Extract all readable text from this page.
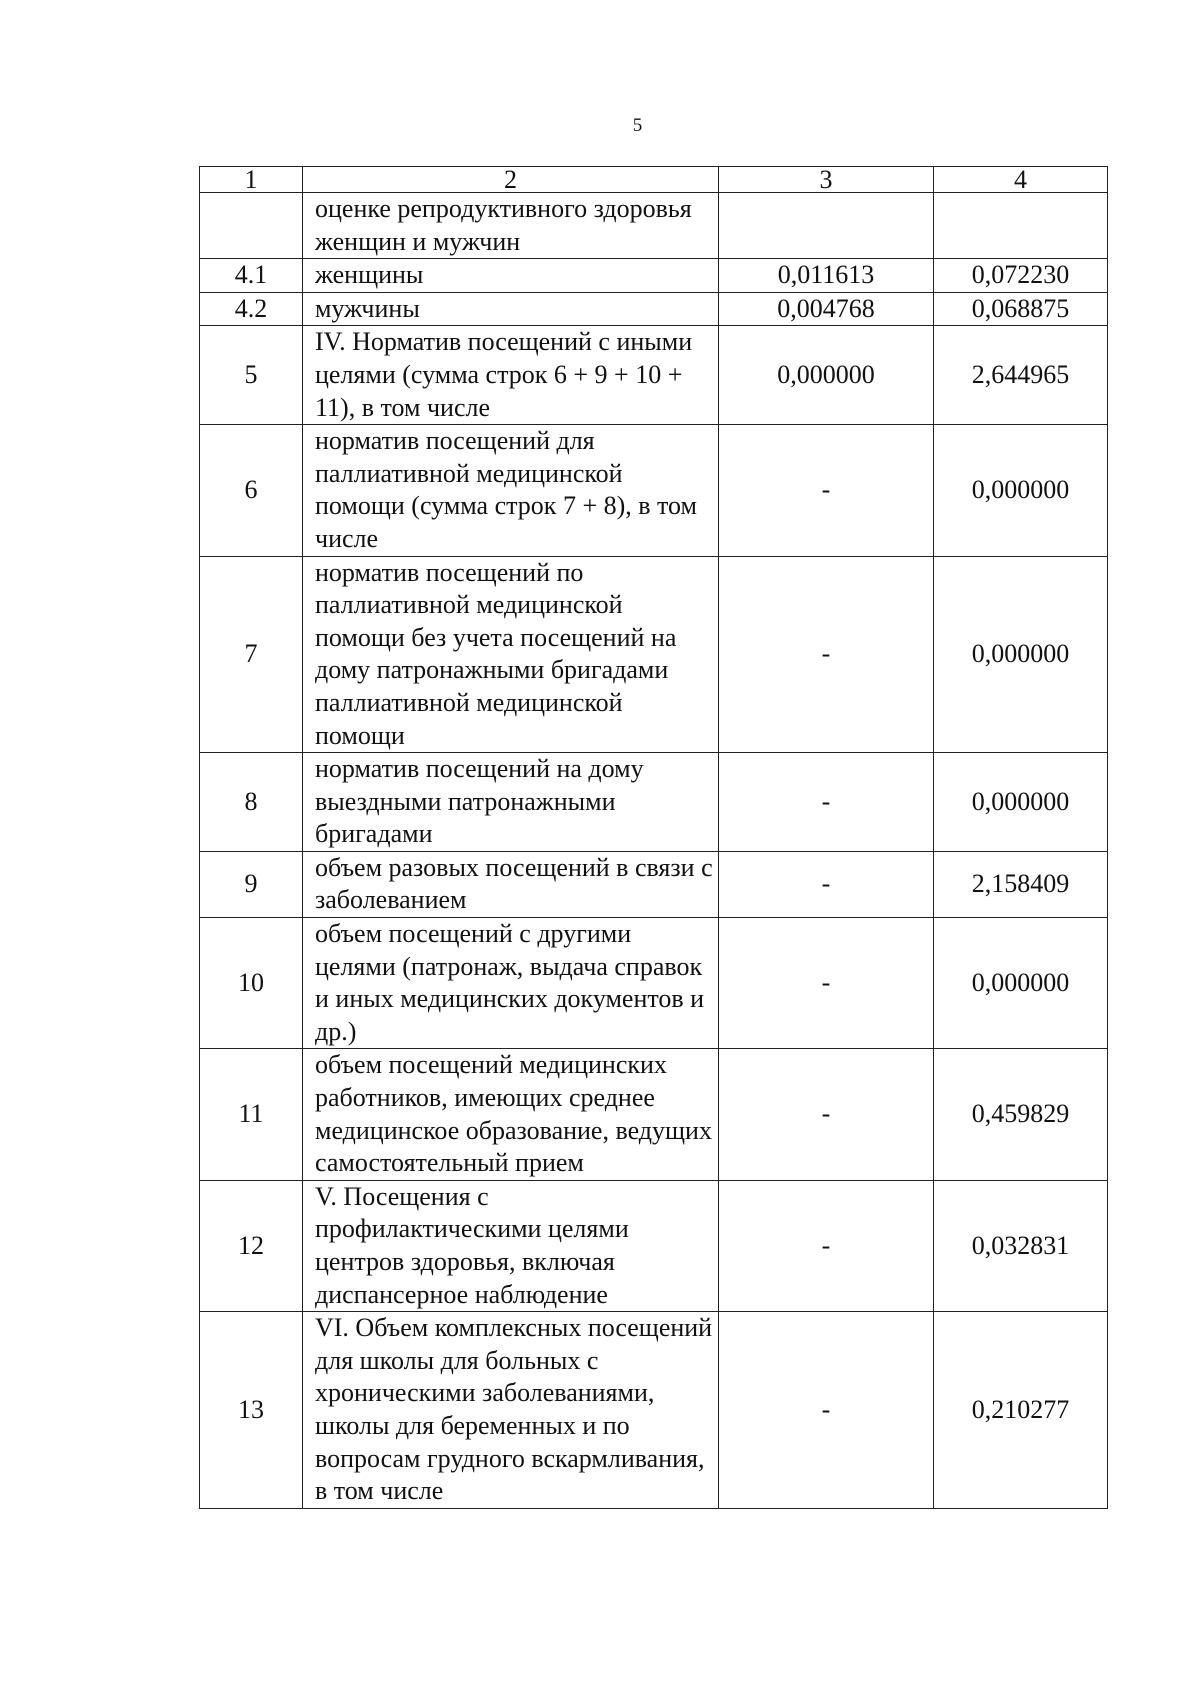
5
1	2	3	4
	оценке репродуктивного здоровья женщин и мужчин		
4.1	женщины	0,011613	0,072230
4.2	мужчины	0,004768	0,068875
5	IV. Норматив посещений с иными целями (сумма строк 6 + 9 + 10 + 11), в том числе	0,000000	2,644965
6	норматив посещений для паллиативной медицинской помощи (сумма строк 7 + 8), в том числе	-	0,000000
7	норматив посещений по паллиативной медицинской помощи без учета посещений на дому патронажными бригадами паллиативной медицинской помощи	-	0,000000
8	норматив посещений на дому выездными патронажными бригадами	-	0,000000
9	объем разовых посещений в связи с заболеванием	-	2,158409
10	объем посещений с другими целями (патронаж, выдача справок и иных медицинских документов и др.)	-	0,000000
11	объем посещений медицинских работников, имеющих среднее медицинское образование, ведущих самостоятельный прием	-	0,459829
12	V. Посещения с профилактическими целями центров здоровья, включая диспансерное наблюдение	-	0,032831
13	VI. Объем комплексных посещений для школы для больных с хроническими заболеваниями, школы для беременных и по вопросам грудного вскармливания, в том числе	-	0,210277
